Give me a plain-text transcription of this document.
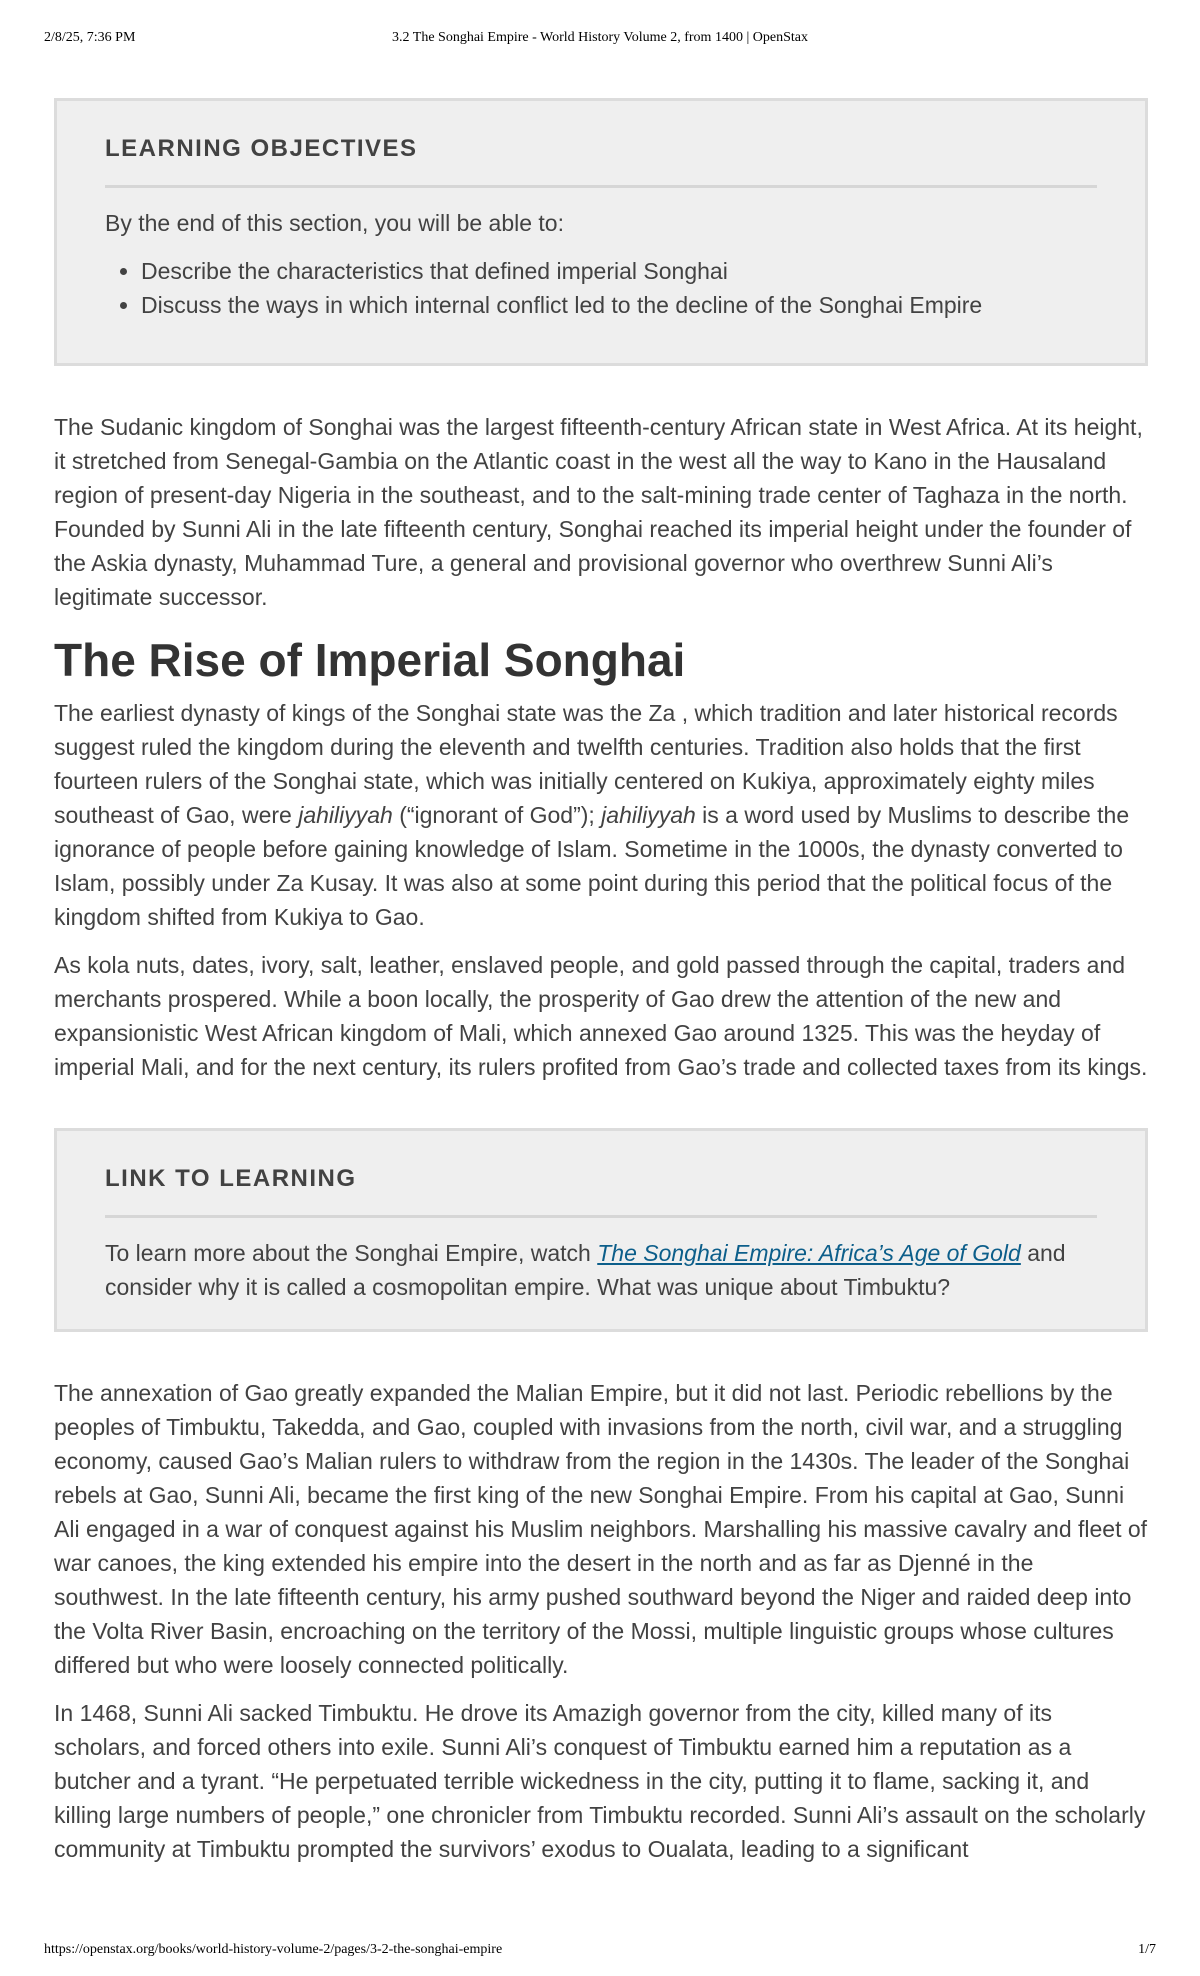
2/8/25, 7:36 PM	3.2 The Songhai Empire - World History Volume 2, from 1400 | OpenStax
LEARNING OBJECTIVES

By the end of this section, you will be able to:

• Describe the characteristics that defined imperial Songhai
• Discuss the ways in which internal conflict led to the decline of the Songhai Empire

The Sudanic kingdom of Songhai was the largest fifteenth-century African state in West Africa. At its height, it stretched from Senegal-Gambia on the Atlantic coast in the west all the way to Kano in the Hausaland region of present-day Nigeria in the southeast, and to the salt-mining trade center of Taghaza in the north. Founded by Sunni Ali in the late fifteenth century, Songhai reached its imperial height under the founder of the Askia dynasty, Muhammad Ture, a general and provisional governor who overthrew Sunni Ali’s legitimate successor.

The Rise of Imperial Songhai

The earliest dynasty of kings of the Songhai state was the Za , which tradition and later historical records suggest ruled the kingdom during the eleventh and twelfth centuries. Tradition also holds that the first fourteen rulers of the Songhai state, which was initially centered on Kukiya, approximately eighty miles southeast of Gao, were jahiliyyah (“ignorant of God”); jahiliyyah is a word used by Muslims to describe the ignorance of people before gaining knowledge of Islam. Sometime in the 1000s, the dynasty converted to Islam, possibly under Za Kusay. It was also at some point during this period that the political focus of the kingdom shifted from Kukiya to Gao.

As kola nuts, dates, ivory, salt, leather, enslaved people, and gold passed through the capital, traders and merchants prospered. While a boon locally, the prosperity of Gao drew the attention of the new and expansionistic West African kingdom of Mali, which annexed Gao around 1325. This was the heyday of imperial Mali, and for the next century, its rulers profited from Gao’s trade and collected taxes from its kings.

LINK TO LEARNING

To learn more about the Songhai Empire, watch The Songhai Empire: Africa’s Age of Gold and consider why it is called a cosmopolitan empire. What was unique about Timbuktu?

The annexation of Gao greatly expanded the Malian Empire, but it did not last. Periodic rebellions by the peoples of Timbuktu, Takedda, and Gao, coupled with invasions from the north, civil war, and a struggling economy, caused Gao’s Malian rulers to withdraw from the region in the 1430s. The leader of the Songhai rebels at Gao, Sunni Ali, became the first king of the new Songhai Empire. From his capital at Gao, Sunni Ali engaged in a war of conquest against his Muslim neighbors. Marshalling his massive cavalry and fleet of war canoes, the king extended his empire into the desert in the north and as far as Djenné in the southwest. In the late fifteenth century, his army pushed southward beyond the Niger and raided deep into the Volta River Basin, encroaching on the territory of the Mossi, multiple linguistic groups whose cultures differed but who were loosely connected politically.

In 1468, Sunni Ali sacked Timbuktu. He drove its Amazigh governor from the city, killed many of its scholars, and forced others into exile. Sunni Ali’s conquest of Timbuktu earned him a reputation as a butcher and a tyrant. “He perpetuated terrible wickedness in the city, putting it to flame, sacking it, and killing large numbers of people,” one chronicler from Timbuktu recorded. Sunni Ali’s assault on the scholarly community at Timbuktu prompted the survivors’ exodus to Oualata, leading to a significant

https://openstax.org/books/world-history-volume-2/pages/3-2-the-songhai-empire	1/7
